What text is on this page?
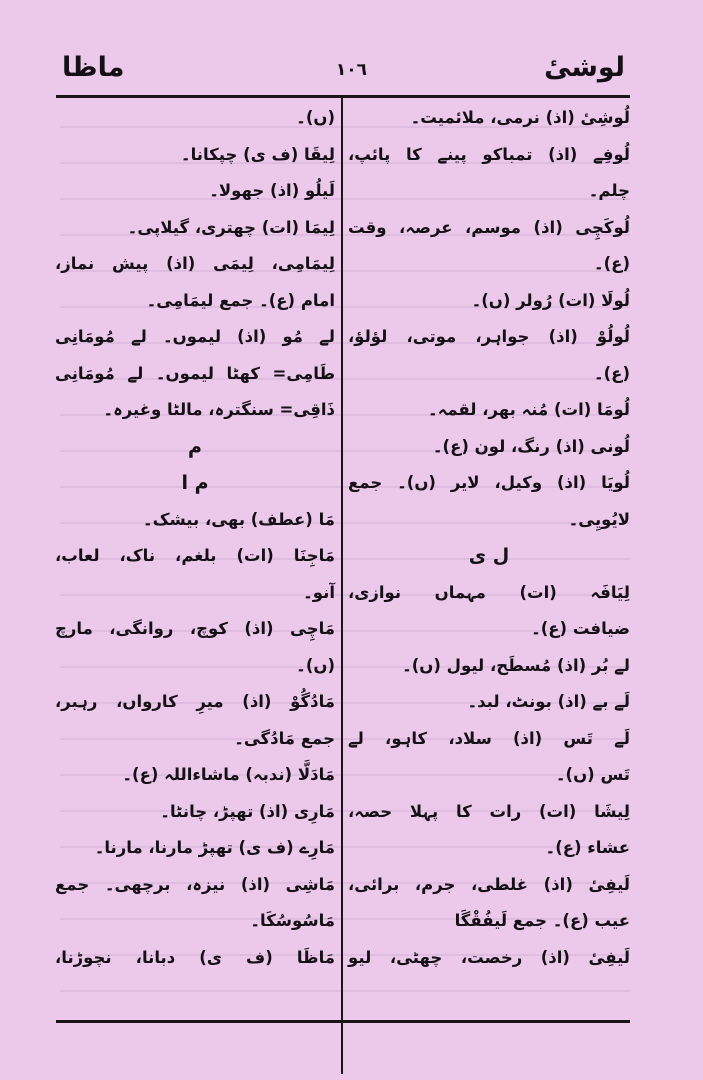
لوشیٔ
١٠٦
ماظا
لُوشِیٔ (اذ) نرمی، ملائمیت۔
لُوفِے (اذ) تمباکو پینے کا پائپ،
چلم۔
لُوکَچِی (اذ) موسم، عرصہ، وقت
(ع)۔
لُولَا (ات) رُولر (ں)۔
لُولُوْ (اذ) جواہر، موتی، لؤلؤ،
(ع)۔
لُومَا (ات) مُنہ بھر، لقمہ۔
لُونی (اذ) رنگ، لون (ع)۔
لُویَا (اذ) وکیل، لایر (ں)۔ جمع
لایُویِی۔
ل ی
لِیَافَہ (ات) مہماں نوازی،
ضیافت (ع)۔
لے بُر (اذ) مُسطَح، لیول (ں)۔
لَے بے (اذ) بونٹ، لبد۔
لَے تَس (اذ) سلاد، کاہو، لے
تَس (ں)۔
لِیشَا (ات) رات کا پہلا حصہ،
عشاء (ع)۔
لَیفِیٔ (اذ) غلطی، جرم، برائی،
عیب (ع)۔ جمع لَیفُقْگَا
لَیفِیٔ (اذ) رخصت، چھٹی، لیو
(ں)۔
لِیقَا (ف ی) چپکانا۔
لَیلُو (اذ) جھولا۔
لِیمَا (ات) چھتری، گیلاپی۔
لِیمَامِی، لِیمَی (اذ) پیش نماز،
امام (ع)۔ جمع لیمَامِی۔
لے مُو (اذ) لیموں۔ لے مُومَانِی
طَامِی= کھٹا لیموں۔ لے مُومَانِی
ذَاقِی= سنگترہ، مالٹا وغیرہ۔
م
م ا
مَا (عطف) بھی، بیشک۔
مَاجِنَا (ات) بلغم، ناک، لعاب،
آنو۔
مَاچِی (اذ) کوچ، روانگی، مارچ
(ں)۔
مَادُگُوْ (اذ) میرِ کارواں، رہبر،
جمع مَادُگی۔
مَادَلَّا (ندبہ) ماشاءاللہ (ع)۔
مَارِی (اذ) تھپڑ، چانٹا۔
مَارِے (ف ی) تھپڑ مارنا، مارنا۔
مَاشِی (اذ) نیزہ، برچھی۔ جمع
مَاسُوسُکَا۔
مَاظَا (ف ی) دبانا، نچوڑنا،
